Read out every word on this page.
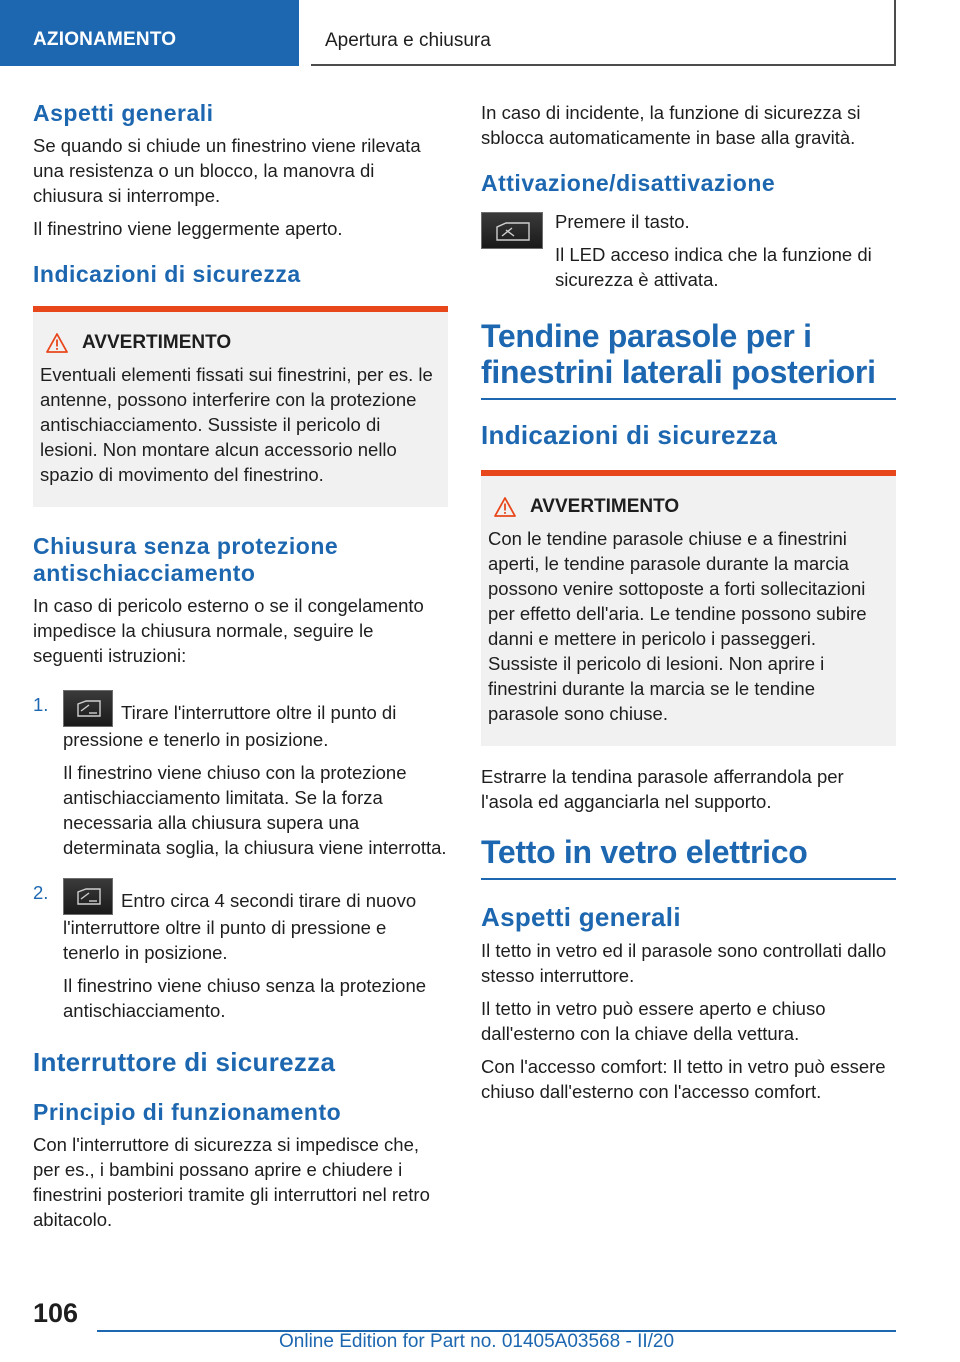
AZIONAMENTO	Apertura e chiusura
Aspetti generali

Se quando si chiude un finestrino viene rilevata una resistenza o un blocco, la manovra di chiusura si interrompe.

Il finestrino viene leggermente aperto.

Indicazioni di sicurezza
AVVERTIMENTO

Eventuali elementi fissati sui finestrini, per es. le antenne, possono interferire con la protezione antischiacciamento. Sussiste il pericolo di lesioni. Non montare alcun accessorio nello spazio di movimento del finestrino.

Chiusura senza protezione antischiacciamento

In caso di pericolo esterno o se il congelamento impedisce la chiusura normale, seguire le seguenti istruzioni:

1.	Tirare l'interruttore oltre il punto di pressione e tenerlo in posizione.

Il finestrino viene chiuso con la protezione antischiacciamento limitata. Se la forza necessaria alla chiusura supera una determinata soglia, la chiusura viene interrotta.

2.	Entro circa 4 secondi tirare di nuovo l'interruttore oltre il punto di pressione e tenerlo in posizione.

Il finestrino viene chiuso senza la protezione antischiacciamento.

Interruttore di sicurezza
Principio di funzionamento

Con l'interruttore di sicurezza si impedisce che, per es., i bambini possano aprire e chiudere i finestrini posteriori tramite gli interruttori nel retro abitacolo.

In caso di incidente, la funzione di sicurezza si sblocca automaticamente in base alla gravità.

Attivazione/disattivazione

Premere il tasto.

Il LED acceso indica che la funzione di sicurezza è attivata.

Tendine parasole per i finestrini laterali posteriori
Indicazioni di sicurezza
AVVERTIMENTO

Con le tendine parasole chiuse e a finestrini aperti, le tendine parasole durante la marcia possono venire sottoposte a forti sollecitazioni per effetto dell'aria. Le tendine possono subire danni e mettere in pericolo i passeggeri. Sussiste il pericolo di lesioni. Non aprire i finestrini durante la marcia se le tendine parasole sono chiuse.

Estrarre la tendina parasole afferrandola per l'asola ed agganciarla nel supporto.

Tetto in vetro elettrico
Aspetti generali

Il tetto in vetro ed il parasole sono controllati dallo stesso interruttore.

Il tetto in vetro può essere aperto e chiuso dall'esterno con la chiave della vettura.

Con l'accesso comfort: Il tetto in vetro può essere chiuso dall'esterno con l'accesso comfort.

106
Online Edition for Part no. 01405A03568 - II/20
